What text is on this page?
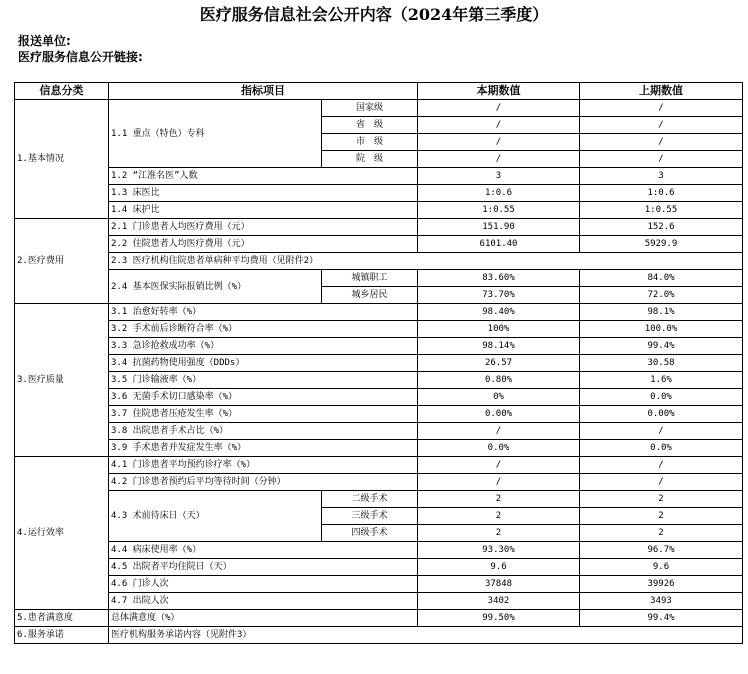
医疗服务信息社会公开内容（2024年第三季度）
报送单位:
医疗服务信息公开链接:
信息分类	指标项目		本期数值	上期数值
1.基本情况	1.1 重点（特色）专科	国家级	/	/
		省　级	/	/
		市　级	/	/
		院　级	/	/
	1.2 “江淮名医”人数		3	3
	1.3 床医比		1:0.6	1:0.6
	1.4 床护比		1:0.55	1:0.55
2.医疗费用	2.1 门诊患者人均医疗费用（元）		151.90	152.6
	2.2 住院患者人均医疗费用（元）		6101.40	5929.9
	2.3 医疗机构住院患者单病种平均费用（见附件2）			
	2.4 基本医保实际报销比例（%）	城镇职工	83.60%	84.0%
		城乡居民	73.70%	72.0%
3.医疗质量	3.1 治愈好转率（%）		98.40%	98.1%
	3.2 手术前后诊断符合率（%）		100%	100.0%
	3.3 急诊抢救成功率（%）		98.14%	99.4%
	3.4 抗菌药物使用强度（DDDs）		26.57	30.58
	3.5 门诊输液率（%）		0.80%	1.6%
	3.6 无菌手术切口感染率（%）		0%	0.0%
	3.7 住院患者压疮发生率（%）		0.00%	0.00%
	3.8 出院患者手术占比（%）		/	/
	3.9 手术患者并发症发生率（%）		0.0%	0.0%
4.运行效率	4.1 门诊患者平均预约诊疗率（%）		/	/
	4.2 门诊患者预约后平均等待时间（分钟）		/	/
	4.3 术前待床日（天）	二级手术	2	2
		三级手术	2	2
		四级手术	2	2
	4.4 病床使用率（%）		93.30%	96.7%
	4.5 出院者平均住院日（天）		9.6	9.6
	4.6 门诊人次		37848	39926
	4.7 出院人次		3402	3493
5.患者满意度	总体满意度（%）		99.50%	99.4%
6.服务承诺	医疗机构服务承诺内容（见附件3）			
